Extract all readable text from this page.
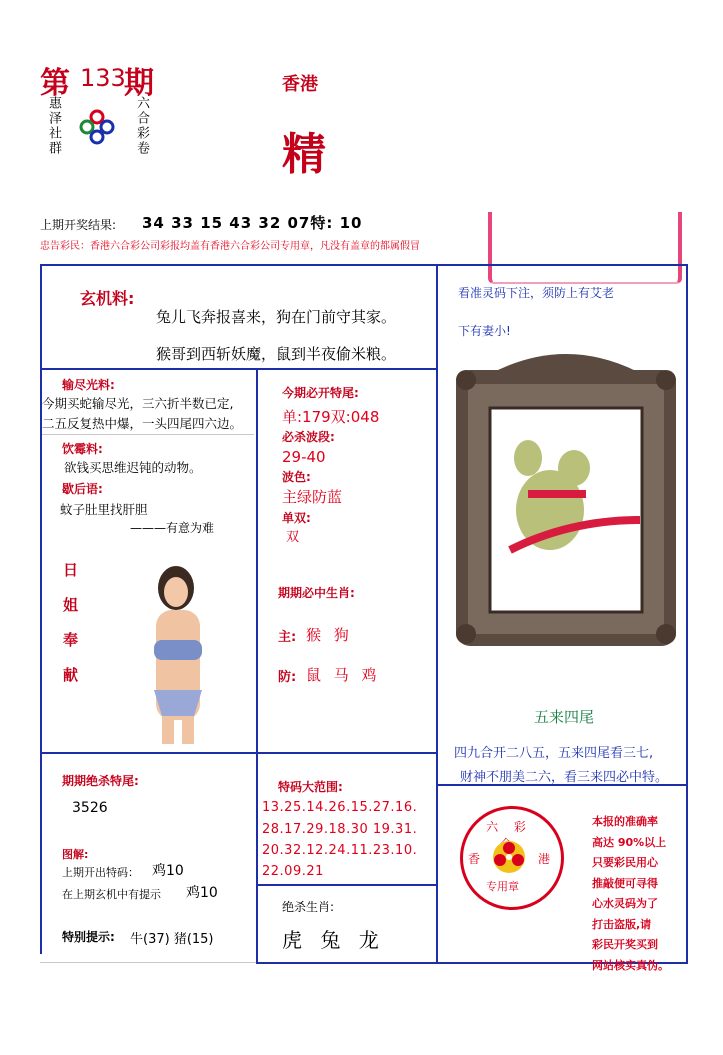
第 133
期
惠泽社群	六合彩卷
香港
精
上期开奖结果: 34 33 15 43 32 07特: 10
忠告彩民：香港六合彩公司彩报均盖有香港六合彩公司专用章，凡没有盖章的都属假冒
玄机料:
兔儿飞奔报喜来，狗在门前守其家。
猴哥到西斩妖魔，鼠到半夜偷米粮。
输尽光料:
今期买蛇输尽光，三六折半数已定,
二五反复热中爆，一头四尾四六边。
饮霉料:
欲钱买思维迟钝的动物。
歇后语:
蚊子肚里找肝胆
———有意为难
日姐奉献
今期必开特尾:
单:179双:048
必杀波段:
29-40
波色:
主绿防蓝
单双:
双
期期必中生肖:
主: 猴 狗
防: 鼠 马 鸡
看准灵码下注，须防上有艾老
下有妻小!
五来四尾
四九合开二八五，五来四尾看三七,
财神不朋美二六，看三来四必中特。
期期绝杀特尾:
3526
图解:
上期开出特码： 鸡10
在上期玄机中有提示 鸡10
特别提示: 牛(37) 猪(15)
特码大范围:
13.25.14.26.15.27.16.
28.17.29.18.30 19.31.
20.32.12.24.11.23.10.
22.09.21
绝杀生肖:
虎 兔 龙
六 彩
香	港
专用章
本报的准确率
高达 90%以上
只要彩民用心
推敲便可寻得
心水灵码为了
打击盗版,请
彩民开奖买到
网站核实真伪。
